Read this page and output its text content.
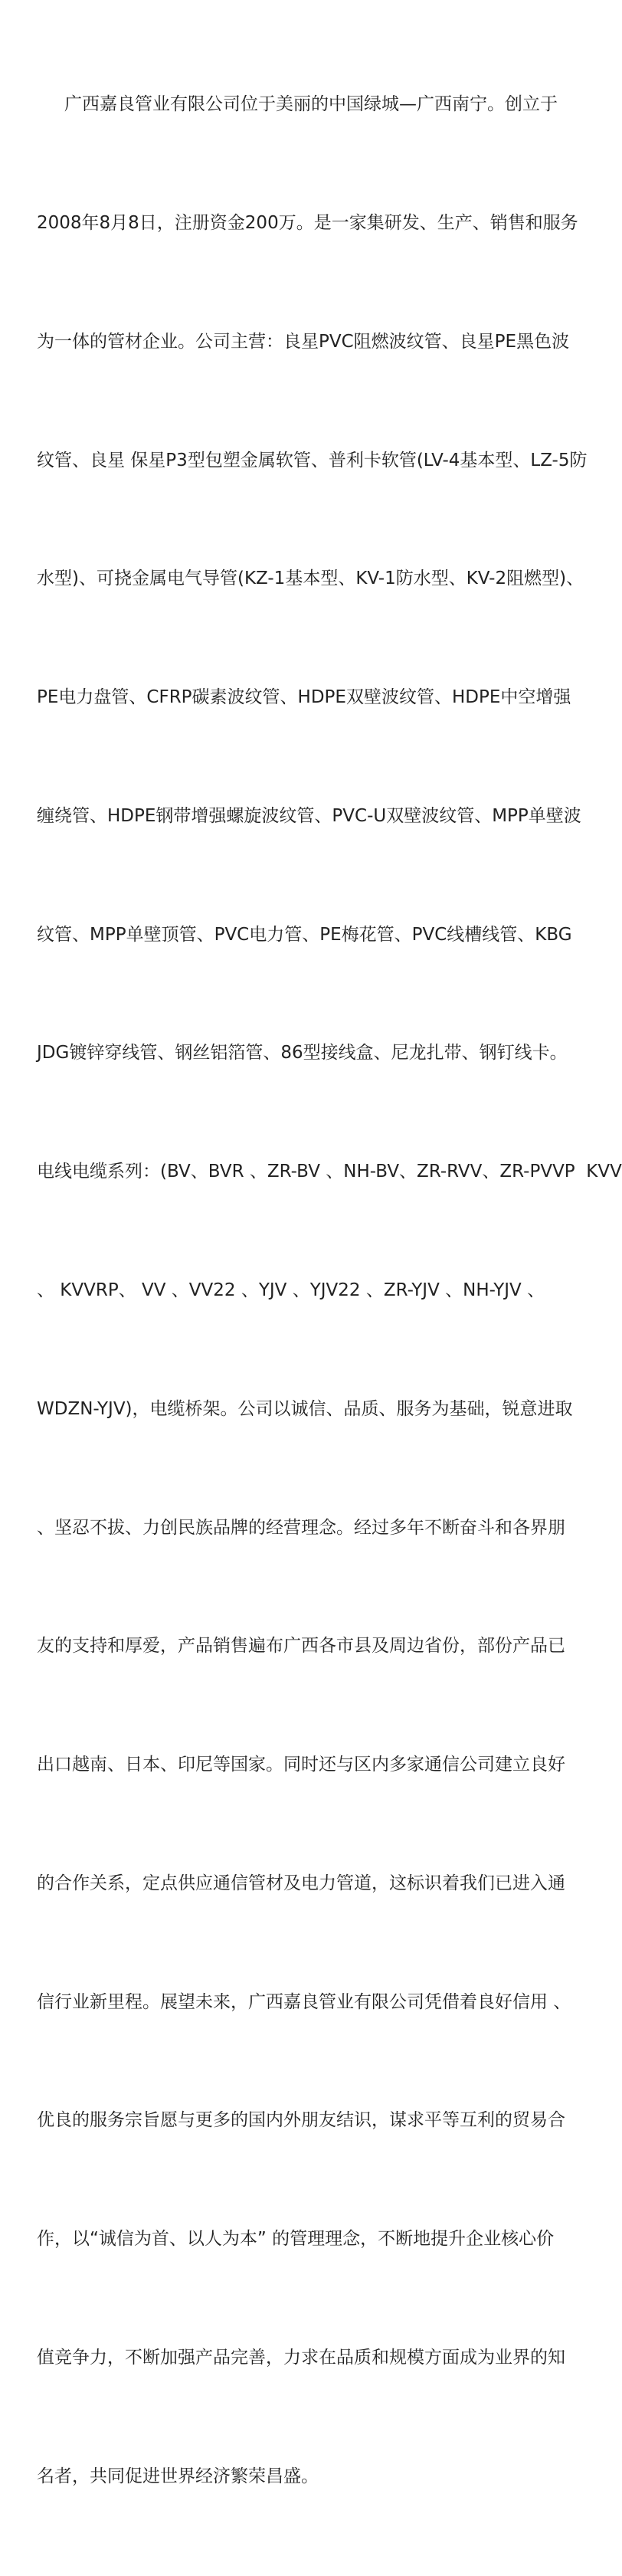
广西嘉良管业有限公司位于美丽的中国绿城—广西南宁。创立于

2008年8月8日，注册资金200万。是一家集研发、生产、销售和服务

为一体的管材企业。公司主营：良星PVC阻燃波纹管、良星PE黑色波

纹管、良星 保星P3型包塑金属软管、普利卡软管(LV-4基本型、LZ-5防

水型)、可挠金属电气导管(KZ-1基本型、KV-1防水型、KV-2阻燃型)、

PE电力盘管、CFRP碳素波纹管、HDPE双壁波纹管、HDPE中空增强

缠绕管、HDPE钢带增强螺旋波纹管、PVC-U双壁波纹管、MPP单壁波

纹管、MPP单壁顶管、PVC电力管、PE梅花管、PVC线槽线管、KBG

JDG镀锌穿线管、钢丝铝箔管、86型接线盒、尼龙扎带、钢钉线卡。

电线电缆系列：(BV、BVR 、ZR-BV 、NH-BV、ZR-RVV、ZR-PVVP  KVV

、 KVVRP、 VV 、VV22 、YJV 、YJV22 、ZR-YJV 、NH-YJV 、

WDZN-YJV)，电缆桥架。公司以诚信、品质、服务为基础，锐意进取

、坚忍不拔、力创民族品牌的经营理念。经过多年不断奋斗和各界朋

友的支持和厚爱，产品销售遍布广西各市县及周边省份，部份产品已

出口越南、日本、印尼等国家。同时还与区内多家通信公司建立良好

的合作关系，定点供应通信管材及电力管道，这标识着我们已进入通

信行业新里程。展望未来，广西嘉良管业有限公司凭借着良好信用 、

优良的服务宗旨愿与更多的国内外朋友结识，谋求平等互利的贸易合

作，以“诚信为首、以人为本” 的管理理念，不断地提升企业核心价

值竞争力，不断加强产品完善，力求在品质和规模方面成为业界的知

名者，共同促进世界经济繁荣昌盛。
